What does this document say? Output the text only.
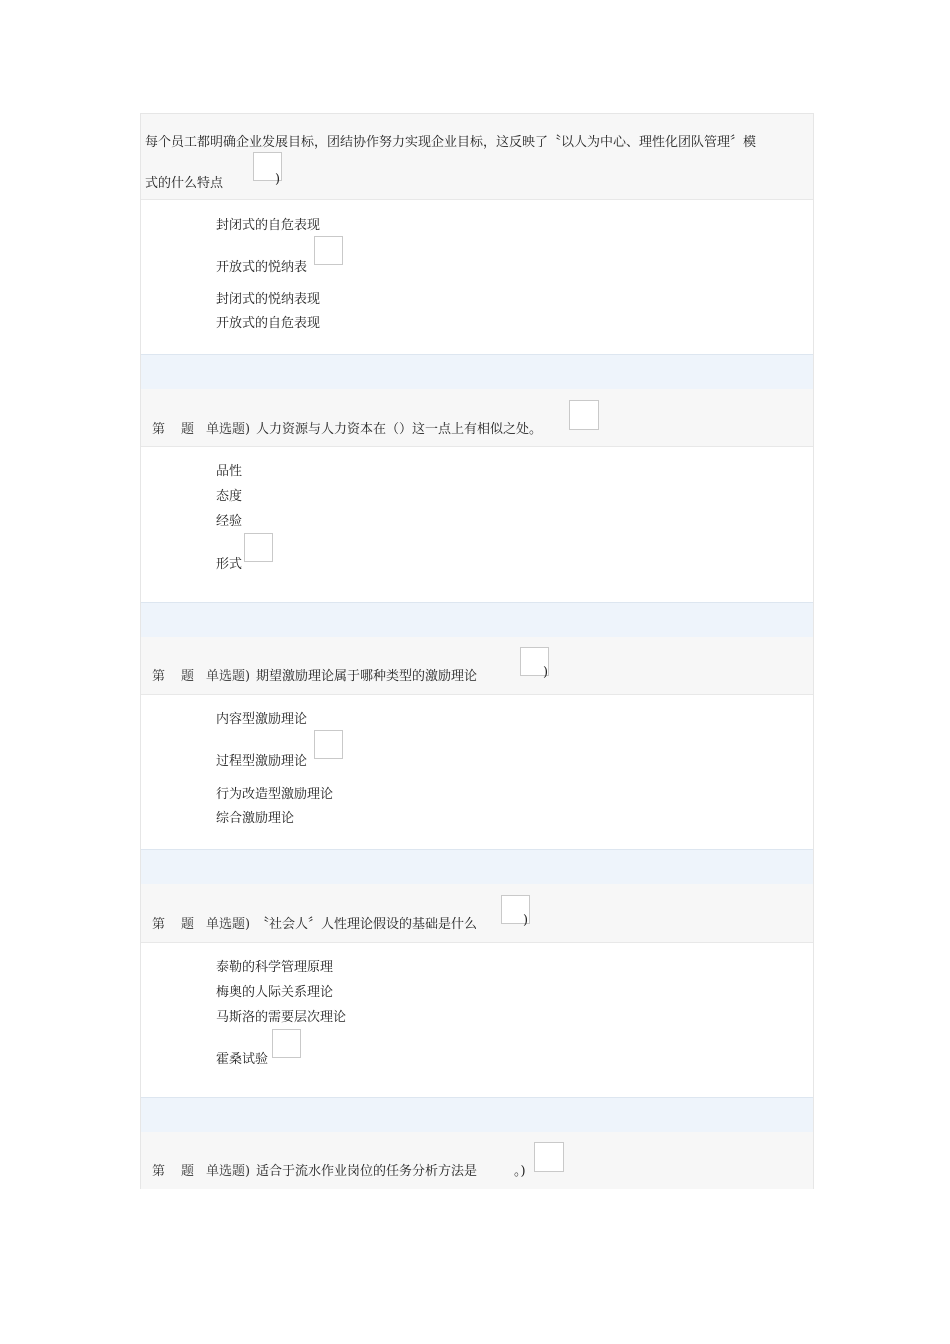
每个员工都明确企业发展目标，团结协作努力实现企业目标，这反映了〝以人为中心、理性化团队管理〞模
式的什么特点	)
封闭式的自危表现
开放式的悦纳表
封闭式的悦纳表现
开放式的自危表现
第 题 单选题) 人力资源与人力资本在（）这一点上有相似之处。
品性
态度
经验
形式
第 题 单选题) 期望激励理论属于哪种类型的激励理论	)
内容型激励理论
过程型激励理论
行为改造型激励理论
综合激励理论
第 题 单选题) 〝社会人〞人性理论假设的基础是什么	)
泰勒的科学管理原理
梅奥的人际关系理论
马斯洛的需要层次理论
霍桑试验
第 题 单选题) 适合于流水作业岗位的任务分析方法是	。)
